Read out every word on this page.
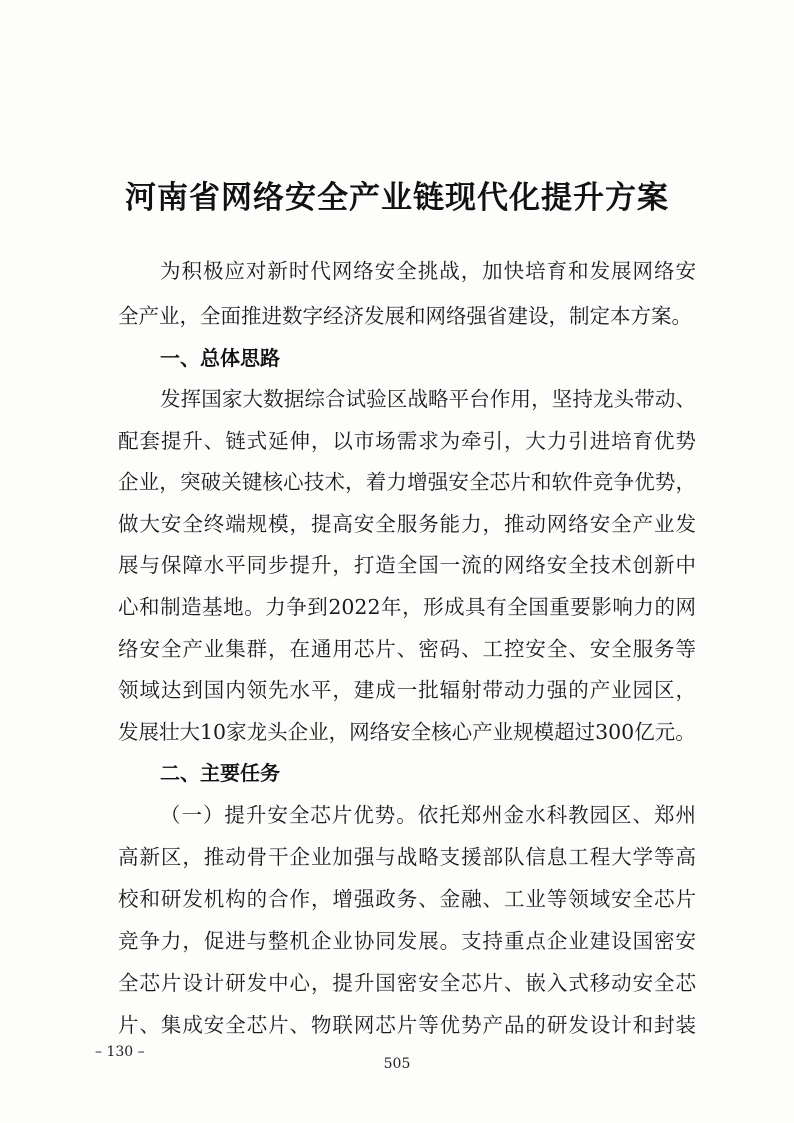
河南省网络安全产业链现代化提升方案
为积极应对新时代网络安全挑战，加快培育和发展网络安
全产业，全面推进数字经济发展和网络强省建设，制定本方案。
一、总体思路
发挥国家大数据综合试验区战略平台作用，坚持龙头带动、
配套提升、链式延伸，以市场需求为牵引，大力引进培育优势
企业，突破关键核心技术，着力增强安全芯片和软件竞争优势，
做大安全终端规模，提高安全服务能力，推动网络安全产业发
展与保障水平同步提升，打造全国一流的网络安全技术创新中
心和制造基地。力争到2022年，形成具有全国重要影响力的网
络安全产业集群，在通用芯片、密码、工控安全、安全服务等
领域达到国内领先水平，建成一批辐射带动力强的产业园区，
发展壮大10家龙头企业，网络安全核心产业规模超过300亿元。
二、主要任务
（一）提升安全芯片优势。依托郑州金水科教园区、郑州
高新区，推动骨干企业加强与战略支援部队信息工程大学等高
校和研发机构的合作，增强政务、金融、工业等领域安全芯片
竞争力，促进与整机企业协同发展。支持重点企业建设国密安
全芯片设计研发中心，提升国密安全芯片、嵌入式移动安全芯
片、集成安全芯片、物联网芯片等优势产品的研发设计和封装
– 130 –
505
